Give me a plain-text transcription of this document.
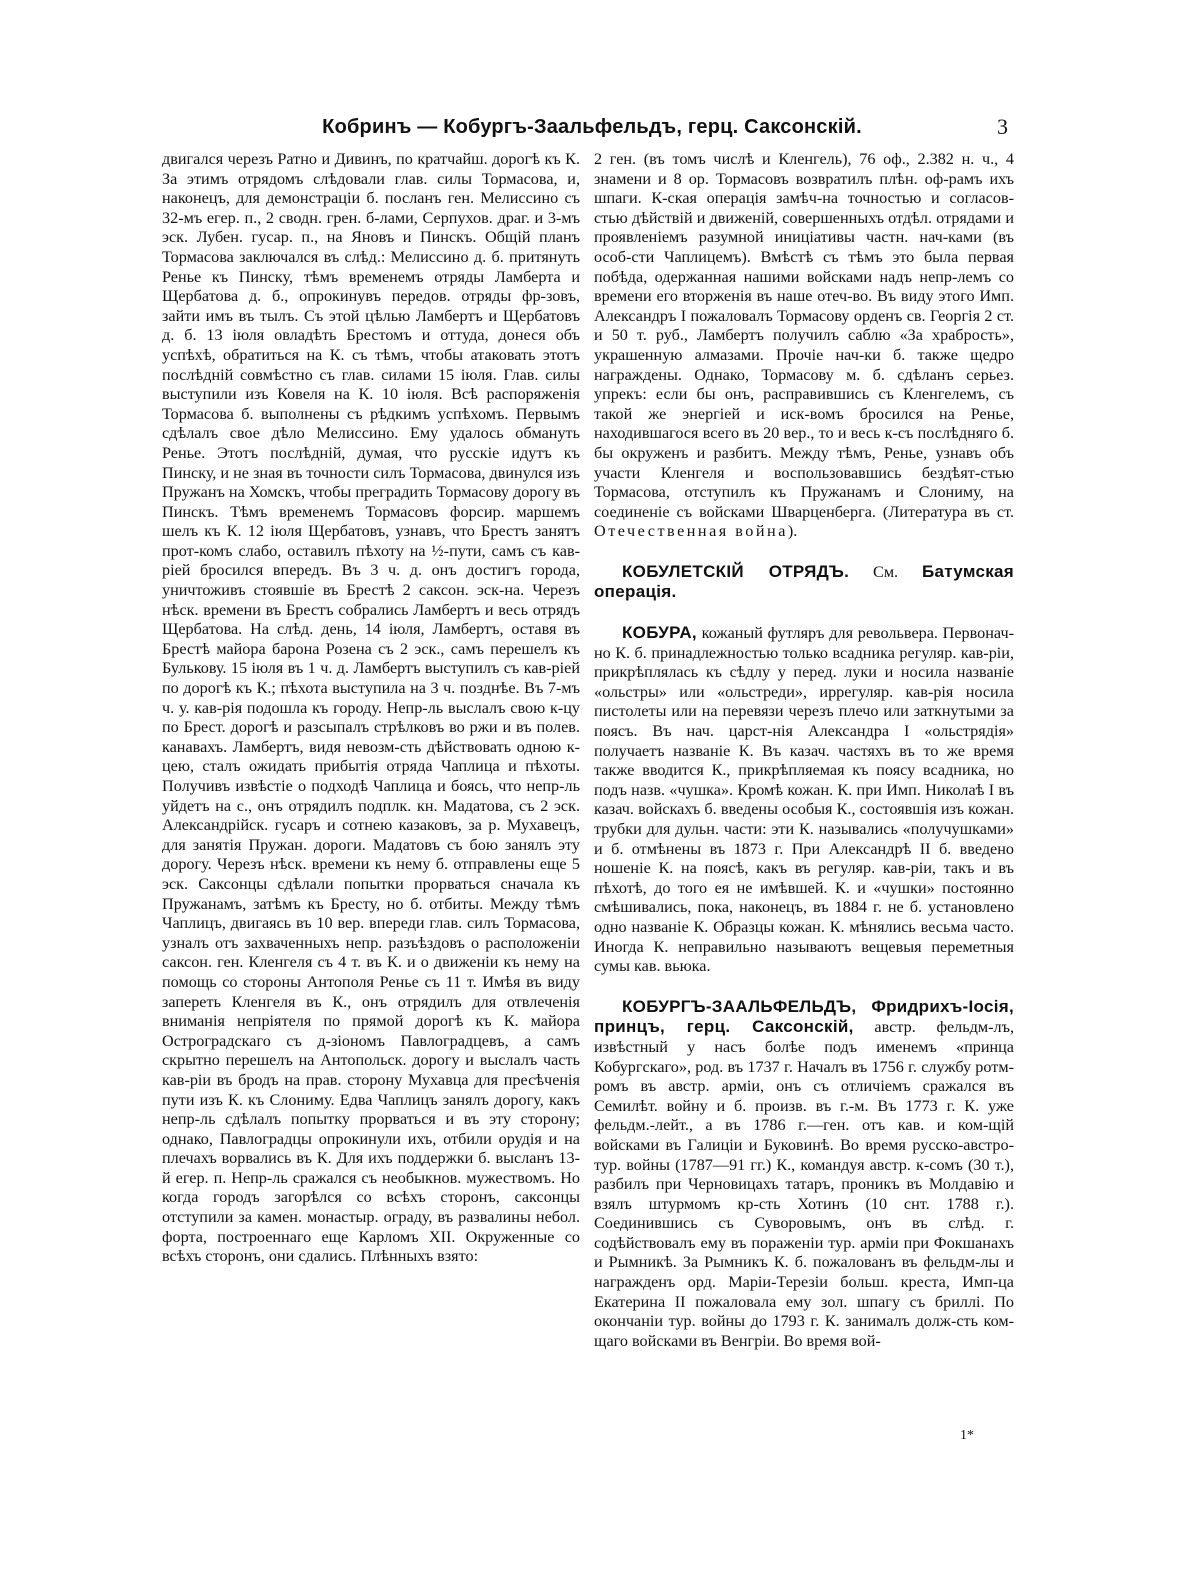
Кобринъ — Кобургъ-Заальфельдъ, герц. Саксонскій.	3

двигался черезъ Ратно и Дивинъ, по кратчайш. дорогѣ къ К. За этимъ отрядомъ слѣдовали глав. силы Тормасова, и, наконецъ, для демонстраціи б. посланъ ген. Мелиссино съ 32-мъ егер. п., 2 сводн. грен. б-лами, Серпухов. драг. и 3-мъ эск. Лубен. гусар. п., на Яновъ и Пинскъ. Общій планъ Тормасова заключался въ слѣд.: Мелиссино д. б. притянуть Ренье къ Пинску, тѣмъ временемъ отряды Ламберта и Щербатова д. б., опрокинувъ передов. отряды фр-зовъ, зайти имъ въ тылъ. Съ этой цѣлью Ламбертъ и Щербатовъ д. б. 13 іюля овладѣть Брестомъ и оттуда, донеся объ успѣхѣ, обратиться на К. съ тѣмъ, чтобы атаковать этотъ послѣдній совмѣстно съ глав. силами 15 іюля. Глав. силы выступили изъ Ковеля на К. 10 іюля. Всѣ распоряженія Тормасова б. выполнены съ рѣдкимъ успѣхомъ. Первымъ сдѣлалъ свое дѣло Мелиссино. Ему удалось обмануть Ренье. Этотъ послѣдній, думая, что русскіе идутъ къ Пинску, и не зная въ точности силъ Тормасова, двинулся изъ Пружанъ на Хомскъ, чтобы преградить Тормасову дорогу въ Пинскъ. Тѣмъ временемъ Тормасовъ форсир. маршемъ шелъ къ К. 12 іюля Щербатовъ, узнавъ, что Брестъ занятъ прот-комъ слабо, оставилъ пѣхоту на ½-пути, самъ съ кав-ріей бросился впередъ. Въ 3 ч. д. онъ достигъ города, уничтоживъ стоявшіе въ Брестѣ 2 саксон. эск-на. Черезъ нѣск. времени въ Брестъ собрались Ламбертъ и весь отрядъ Щербатова. На слѣд. день, 14 іюля, Ламбертъ, оставя въ Брестѣ майора барона Розена съ 2 эск., самъ перешелъ къ Булькову. 15 іюля въ 1 ч. д. Ламбертъ выступилъ съ кав-ріей по дорогѣ къ К.; пѣхота выступила на 3 ч. позднѣе. Въ 7-мъ ч. у. кав-рія подошла къ городу. Непр-ль выслалъ свою к-цу по Брест. дорогѣ и разсыпалъ стрѣлковъ во ржи и въ полев. канавахъ. Ламбертъ, видя невозм-сть дѣйствовать одною к-цею, сталъ ожидать прибытія отряда Чаплица и пѣхоты. Получивъ извѣстіе о подходѣ Чаплица и боясь, что непр-ль уйдетъ на с., онъ отрядилъ подплк. кн. Мадатова, съ 2 эск. Александрійск. гусаръ и сотнею казаковъ, за р. Мухавецъ, для занятія Пружан. дороги. Мадатовъ съ бою занялъ эту дорогу. Черезъ нѣск. времени къ нему б. отправлены еще 5 эск. Саксонцы сдѣлали попытки прорваться сначала къ Пружанамъ, затѣмъ къ Бресту, но б. отбиты. Между тѣмъ Чаплицъ, двигаясь въ 10 вер. впереди глав. силъ Тормасова, узналъ отъ захваченныхъ непр. разъѣздовъ о расположеніи саксон. ген. Кленгеля съ 4 т. въ К. и о движеніи къ нему на помощь со стороны Антополя Ренье съ 11 т. Имѣя въ виду запереть Кленгеля въ К., онъ отрядилъ для отвлеченія вниманія непріятеля по прямой дорогѣ къ К. майора Остроградскаго съ д-зіономъ Павлоградцевъ, а самъ скрытно перешелъ на Антопольск. дорогу и выслалъ часть кав-ріи въ бродъ на прав. сторону Мухавца для пресѣченія пути изъ К. къ Слониму. Едва Чаплицъ занялъ дорогу, какъ непр-ль сдѣлалъ попытку прорваться и въ эту сторону; однако, Павлоградцы опрокинули ихъ, отбили орудія и на плечахъ ворвались въ К. Для ихъ поддержки б. высланъ 13-й егер. п. Непр-ль сражался съ необыкнов. мужествомъ. Но когда городъ загорѣлся со всѣхъ сторонъ, саксонцы отступили за камен. монастыр. ограду, въ развалины небол. форта, построеннаго еще Карломъ XII. Окруженные со всѣхъ сторонъ, они сдались. Плѣнныхъ взято:

2 ген. (въ томъ числѣ и Кленгель), 76 оф., 2.382 н. ч., 4 знамени и 8 ор. Тормасовъ возвратилъ плѣн. оф-рамъ ихъ шпаги. К-ская операція замѣч-на точностью и согласов-стью дѣйствій и движеній, совершенныхъ отдѣл. отрядами и проявленіемъ разумной иниціативы частн. нач-ками (въ особ-сти Чаплицемъ). Вмѣстѣ съ тѣмъ это была первая побѣда, одержанная нашими войсками надъ непр-лемъ со времени его вторженія въ наше отеч-во. Въ виду этого Имп. Александръ I пожаловалъ Тормасову орденъ св. Георгія 2 ст. и 50 т. руб., Ламбертъ получилъ саблю «За храбрость», украшенную алмазами. Прочіе нач-ки б. также щедро награждены. Однако, Тормасову м. б. сдѣланъ серьез. упрекъ: если бы онъ, расправившись съ Кленгелемъ, съ такой же энергіей и иск-вомъ бросился на Ренье, находившагося всего въ 20 вер., то и весь к-съ послѣдняго б. бы окруженъ и разбитъ. Между тѣмъ, Ренье, узнавъ объ участи Кленгеля и воспользовавшись бездѣят-стью Тормасова, отступилъ къ Пружанамъ и Слониму, на соединеніе съ войсками Шварценберга. (Литература въ ст. Отечественная война).

КОБУЛЕТСКІЙ ОТРЯДЪ. См. Батумская операція.

КОБУРА, кожаный футляръ для револьвера. Первонач-но К. б. принадлежностью только всадника регуляр. кав-ріи, прикрѣплялась къ сѣдлу у перед. луки и носила названіе «ольстры» или «ольстреди», иррегуляр. кав-рія носила пистолеты или на перевязи черезъ плечо или заткнутыми за поясъ. Въ нач. царст-нія Александра I «ольстрядія» получаетъ названіе К. Въ казач. частяхъ въ то же время также вводится К., прикрѣпляемая къ поясу всадника, но подъ назв. «чушка». Кромѣ кожан. К. при Имп. Николаѣ I въ казач. войскахъ б. введены особыя К., состоявшія изъ кожан. трубки для дульн. части: эти К. назывались «получушками» и б. отмѣнены въ 1873 г. При Александрѣ II б. введено ношеніе К. на поясѣ, какъ въ регуляр. кав-ріи, такъ и въ пѣхотѣ, до того ея не имѣвшей. К. и «чушки» постоянно смѣшивались, пока, наконецъ, въ 1884 г. не б. установлено одно названіе К. Образцы кожан. К. мѣнялись весьма часто. Иногда К. неправильно называютъ вещевыя переметныя сумы кав. вьюка.

КОБУРГЪ-ЗААЛЬФЕЛЬДЪ, Фридрихъ-Іосія, принцъ, герц. Саксонскій, австр. фельдм-лъ, извѣстный у насъ болѣе подъ именемъ «принца Кобургскаго», род. въ 1737 г. Началъ въ 1756 г. службу ротм-ромъ въ австр. арміи, онъ съ отличіемъ сражался въ Семилѣт. войну и б. произв. въ г.-м. Въ 1773 г. К. уже фельдм.-лейт., а въ 1786 г.—ген. отъ кав. и ком-щій войсками въ Галиціи и Буковинѣ. Во время русско-австро-тур. войны (1787—91 гг.) К., командуя австр. к-сомъ (30 т.), разбилъ при Черновицахъ татаръ, проникъ въ Молдавію и взялъ штурмомъ кр-сть Хотинъ (10 снт. 1788 г.). Соединившись съ Суворовымъ, онъ въ слѣд. г. содѣйствовалъ ему въ пораженіи тур. арміи при Фокшанахъ и Рымникѣ. За Рымникъ К. б. пожалованъ въ фельдм-лы и награжденъ орд. Маріи-Терезіи больш. креста, Имп-ца Екатерина II пожаловала ему зол. шпагу съ бриллі. По окончаніи тур. войны до 1793 г. К. занималъ долж-сть ком-щаго войсками въ Венгріи. Во время вой-

1*
